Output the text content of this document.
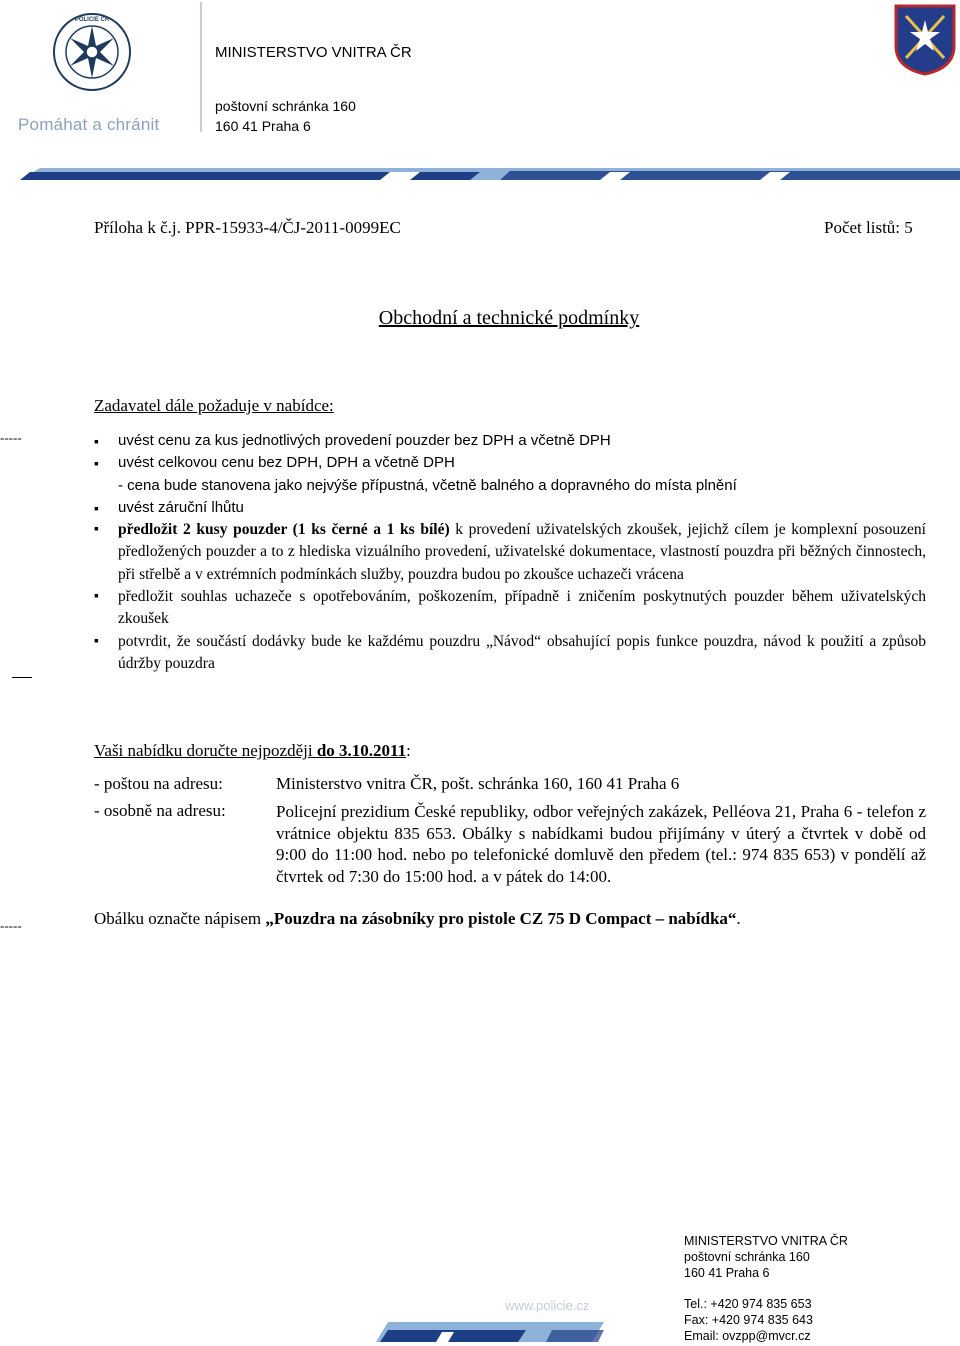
POLICIE ČR
Pomáhat a chránit
MINISTERSTVO VNITRA ČR
poštovní schránka 160
160 41 Praha 6
Příloha k č.j. PPR-15933-4/ČJ-2011-0099EC	Počet listů: 5
Obchodní a technické podmínky
Zadavatel dále požaduje v nabídce:
-----
▪	uvést cenu za kus jednotlivých provedení pouzder bez DPH a včetně DPH
▪ uvést celkovou cenu bez DPH, DPH a včetně DPH
- cena bude stanovena jako nejvýše přípustná, včetně balného a dopravného do místa plnění
▪ uvést záruční lhůtu
▪ předložit 2 kusy pouzder (1 ks černé a 1 ks bílé) k provedení uživatelských zkoušek, jejichž cílem je komplexní posouzení předložených pouzder a to z hlediska vizuálního provedení, uživatelské dokumentace, vlastností pouzdra při běžných činnostech, při střelbě a v extrémních podmínkách služby, pouzdra budou po zkoušce uchazeči vrácena
▪ předložit souhlas uchazeče s opotřebováním, poškozením, případně i zničením poskytnutých pouzder během uživatelských zkoušek
▪ potvrdit, že součástí dodávky bude ke každému pouzdru „Návod“ obsahující popis funkce pouzdra, návod k použití a způsob údržby pouzdra
Vaši nabídku doručte nejpozději do 3.10.2011:
- poštou na adresu:	Ministerstvo vnitra ČR, pošt. schránka 160, 160 41 Praha 6
- osobně na adresu:	Policejní prezidium České republiky, odbor veřejných zakázek, Pelléova 21, Praha 6 - telefon z vrátnice objektu 835 653. Obálky s nabídkami budou přijímány v úterý a čtvrtek v době od 9:00 do 11:00 hod. nebo po telefonické domluvě den předem (tel.: 974 835 653) v pondělí až čtvrtek od 7:30 do 15:00 hod. a v pátek do 14:00.
-----	Obálku označte nápisem „Pouzdra na zásobníky pro pistole CZ 75 D Compact – nabídka“.
MINISTERSTVO VNITRA ČR
poštovní schránka 160
160 41 Praha 6
Tel.: +420 974 835 653
Fax: +420 974 835 643
Email: ovzpp@mvcr.cz
www.policie.cz
